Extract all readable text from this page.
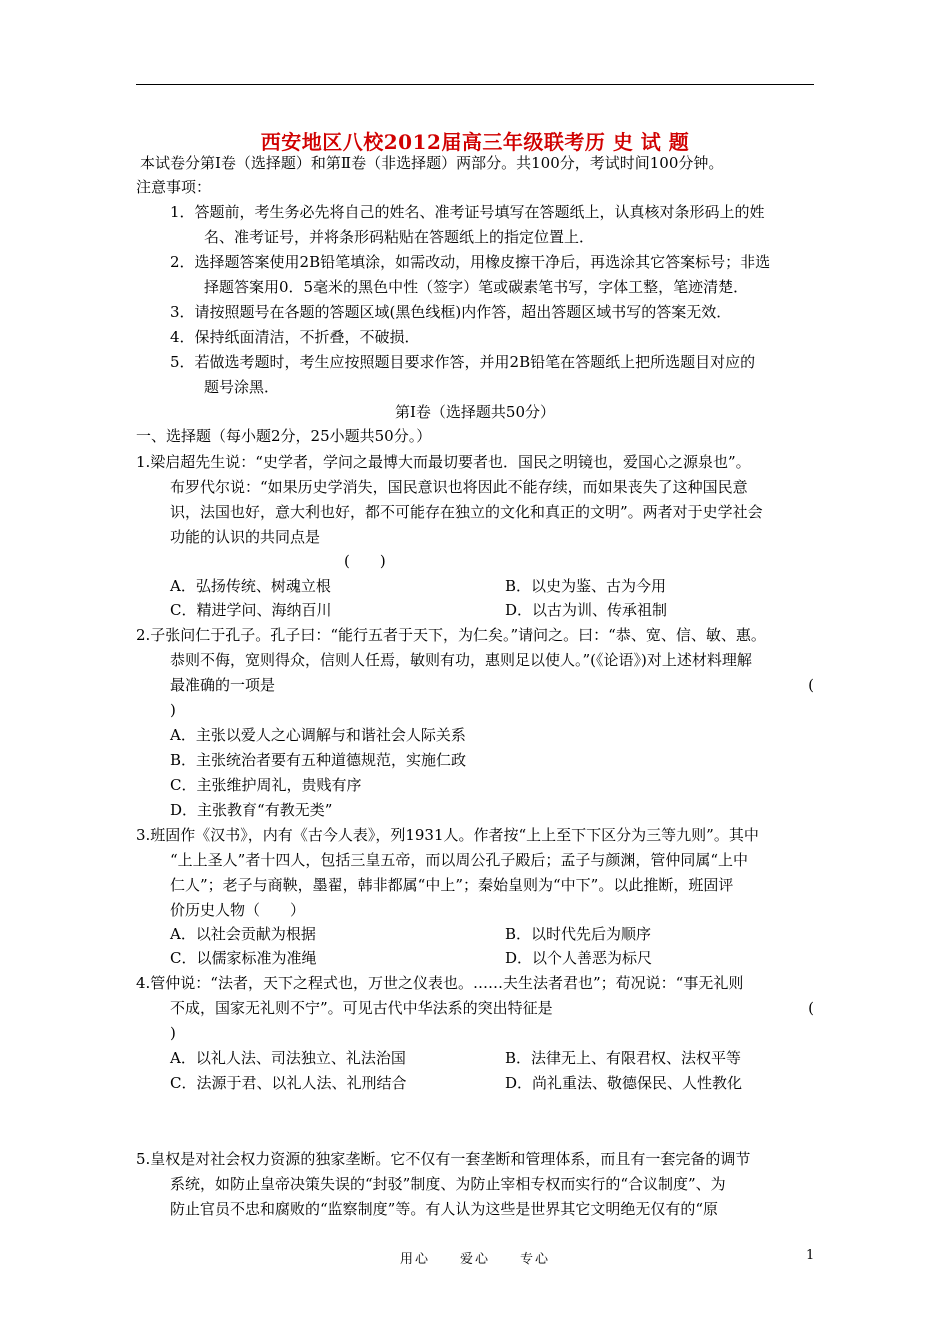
西安地区八校2012届高三年级联考历 史 试 题
本试卷分第Ⅰ卷（选择题）和第Ⅱ卷（非选择题）两部分。共100分，考试时间100分钟。
注意事项：
1．答题前，考生务必先将自己的姓名、准考证号填写在答题纸上，认真核对条形码上的姓
名、准考证号，并将条形码粘贴在答题纸上的指定位置上．
2．选择题答案使用2B铅笔填涂，如需改动，用橡皮擦干净后，再选涂其它答案标号；非选
择题答案用0．5毫米的黑色中性（签字）笔或碳素笔书写，字体工整，笔迹清楚．
3．请按照题号在各题的答题区域(黑色线框)内作答，超出答题区域书写的答案无效．
4．保持纸面清洁，不折叠，不破损．
5．若做选考题时，考生应按照题目要求作答，并用2B铅笔在答题纸上把所选题目对应的
题号涂黑．
第Ⅰ卷（选择题共50分）
一、选择题（每小题2分，25小题共50分。）
1.梁启超先生说：“史学者，学问之最博大而最切要者也．国民之明镜也，爱国心之源泉也”。
布罗代尔说：“如果历史学消失，国民意识也将因此不能存续，而如果丧失了这种国民意
识，法国也好，意大利也好，都不可能存在独立的文化和真正的文明”。两者对于史学社会
功能的认识的共同点是
(　　)
A．弘扬传统、树魂立根	B．以史为鉴、古为今用
C．精进学问、海纳百川	D．以古为训、传承祖制
2.子张问仁于孔子。孔子曰：“能行五者于天下，为仁矣。”请问之。曰：“恭、宽、信、敏、惠。
恭则不侮，宽则得众，信则人任焉，敏则有功，惠则足以使人。”(《论语》)对上述材料理解
最准确的一项是	(
)
A．主张以爱人之心调解与和谐社会人际关系
B．主张统治者要有五种道德规范，实施仁政
C．主张维护周礼，贵贱有序
D．主张教育“有教无类”
3.班固作《汉书》，内有《古今人表》，列1931人。作者按“上上至下下区分为三等九则”。其中
“上上圣人”者十四人，包括三皇五帝，而以周公孔子殿后；孟子与颜渊，管仲同属“上中
仁人”；老子与商鞅，墨翟，韩非都属“中上”；秦始皇则为“中下”。以此推断，班固评
价历史人物（　　）
A．以社会贡献为根据	B．以时代先后为顺序
C．以儒家标准为准绳	D．以个人善恶为标尺
4.管仲说：“法者，天下之程式也，万世之仪表也。……夫生法者君也”；荀况说：“事无礼则
不成，国家无礼则不宁”。可见古代中华法系的突出特征是	(
)
A．以礼人法、司法独立、礼法治国	B．法律无上、有限君权、法权平等
C．法源于君、以礼人法、礼刑结合	D．尚礼重法、敬德保民、人性教化
5.皇权是对社会权力资源的独家垄断。它不仅有一套垄断和管理体系，而且有一套完备的调节
系统，如防止皇帝决策失误的“封驳”制度、为防止宰相专权而实行的“合议制度”、为
防止官员不忠和腐败的“监察制度”等。有人认为这些是世界其它文明绝无仅有的“原
用心　　爱心　　专心	1
